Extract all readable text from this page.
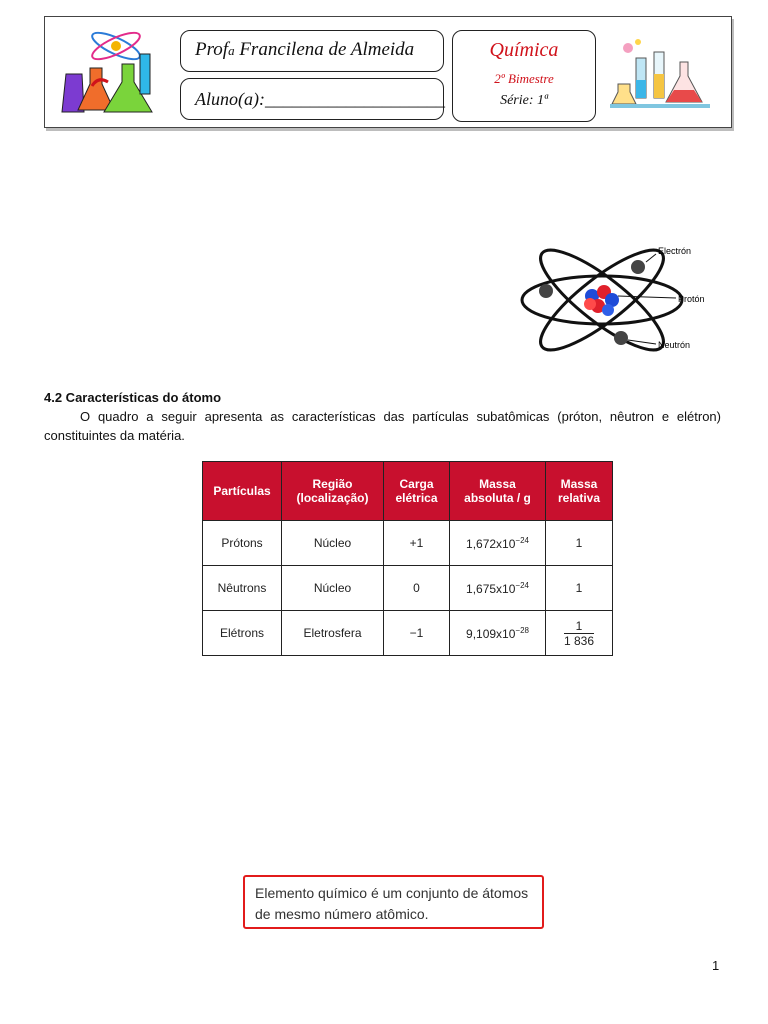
Profa Francilena de Almeida
Aluno(a):____________________
Química
2º Bimestre
Série: 1ª
Electrón
Protón
Neutrón
4.2 Características do átomo
O quadro a seguir apresenta as características das partículas subatômicas (próton, nêutron e elétron) constituintes da matéria.
Partículas	Região (localização)	Carga elétrica	Massa absoluta / g	Massa relativa
Prótons	Núcleo	+1	$1,672x10^{-24}$	1
Nêutrons	Núcleo	0	$1,675x10^{-24}$	1
Elétrons	Eletrosfera	−1	$9,109x10^{-28}$	$\frac{1}{1 836}$
Elemento químico é um conjunto de átomos de mesmo número atômico.
1
